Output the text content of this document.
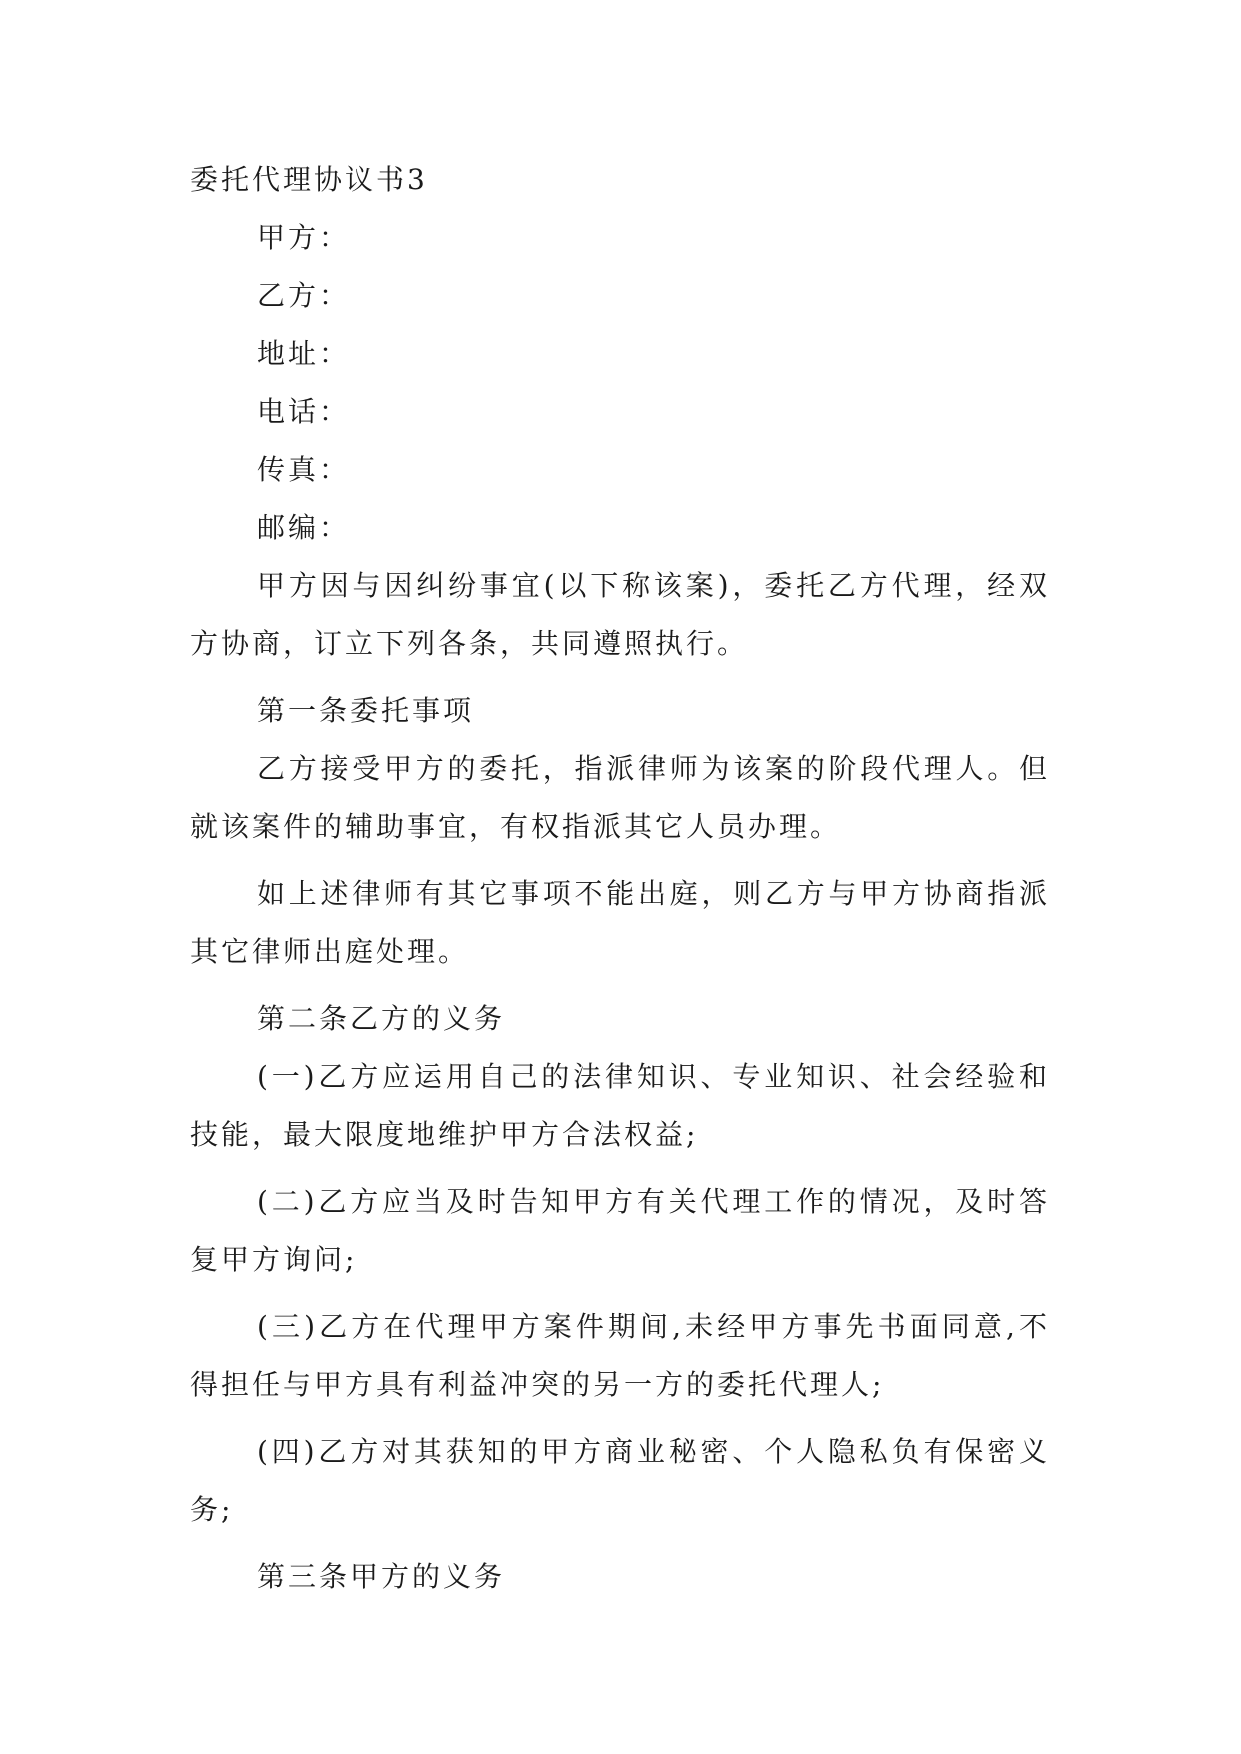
委托代理协议书3
甲方：
乙方：
地址：
电话：
传真：
邮编：

甲方因与因纠纷事宜(以下称该案)，委托乙方代理，经双方协商，订立下列各条，共同遵照执行。

第一条委托事项

乙方接受甲方的委托，指派律师为该案的阶段代理人。但就该案件的辅助事宜，有权指派其它人员办理。

如上述律师有其它事项不能出庭，则乙方与甲方协商指派其它律师出庭处理。

第二条乙方的义务

(一)乙方应运用自己的法律知识、专业知识、社会经验和技能，最大限度地维护甲方合法权益;

(二)乙方应当及时告知甲方有关代理工作的情况，及时答复甲方询问;

(三)乙方在代理甲方案件期间,未经甲方事先书面同意,不得担任与甲方具有利益冲突的另一方的委托代理人;

(四)乙方对其获知的甲方商业秘密、个人隐私负有保密义务;

第三条甲方的义务
